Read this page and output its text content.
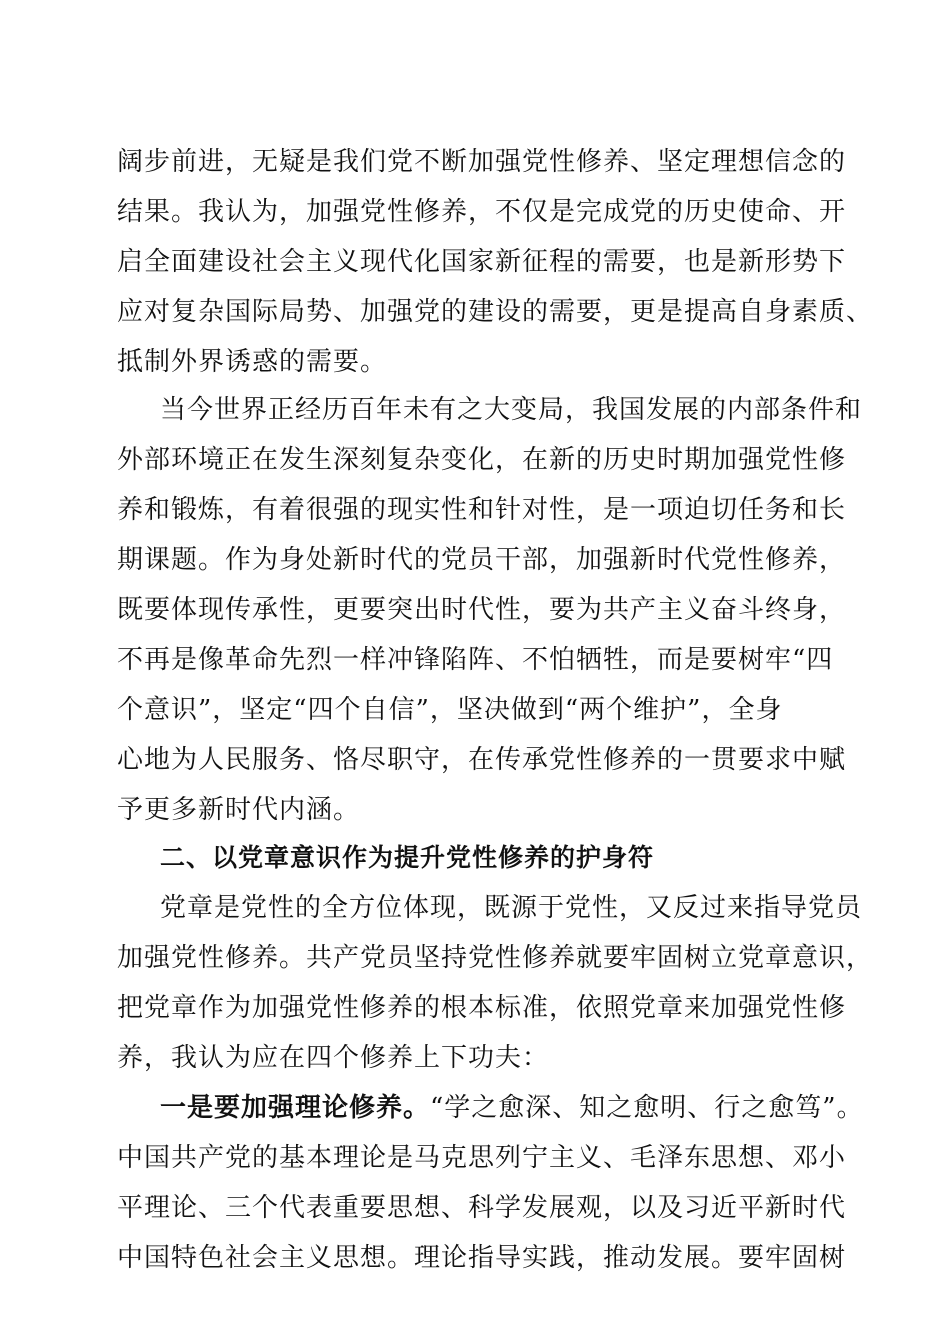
阔步前进，无疑是我们党不断加强党性修养、坚定理想信念的
结果。我认为，加强党性修养，不仅是完成党的历史使命、开
启全面建设社会主义现代化国家新征程的需要，也是新形势下
应对复杂国际局势、加强党的建设的需要，更是提高自身素质、
抵制外界诱惑的需要。
当今世界正经历百年未有之大变局，我国发展的内部条件和
外部环境正在发生深刻复杂变化，在新的历史时期加强党性修
养和锻炼，有着很强的现实性和针对性，是一项迫切任务和长
期课题。作为身处新时代的党员干部，加强新时代党性修养，
既要体现传承性，更要突出时代性，要为共产主义奋斗终身，
不再是像革命先烈一样冲锋陷阵、不怕牺牲，而是要树牢“四
个意识”，坚定“四个自信”，坚决做到“两个维护”，全身
心地为人民服务、恪尽职守，在传承党性修养的一贯要求中赋
予更多新时代内涵。
二、以党章意识作为提升党性修养的护身符
党章是党性的全方位体现，既源于党性，又反过来指导党员
加强党性修养。共产党员坚持党性修养就要牢固树立党章意识，
把党章作为加强党性修养的根本标准，依照党章来加强党性修
养，我认为应在四个修养上下功夫：
一是要加强理论修养。“学之愈深、知之愈明、行之愈笃”。
中国共产党的基本理论是马克思列宁主义、毛泽东思想、邓小
平理论、三个代表重要思想、科学发展观，以及习近平新时代
中国特色社会主义思想。理论指导实践，推动发展。要牢固树
